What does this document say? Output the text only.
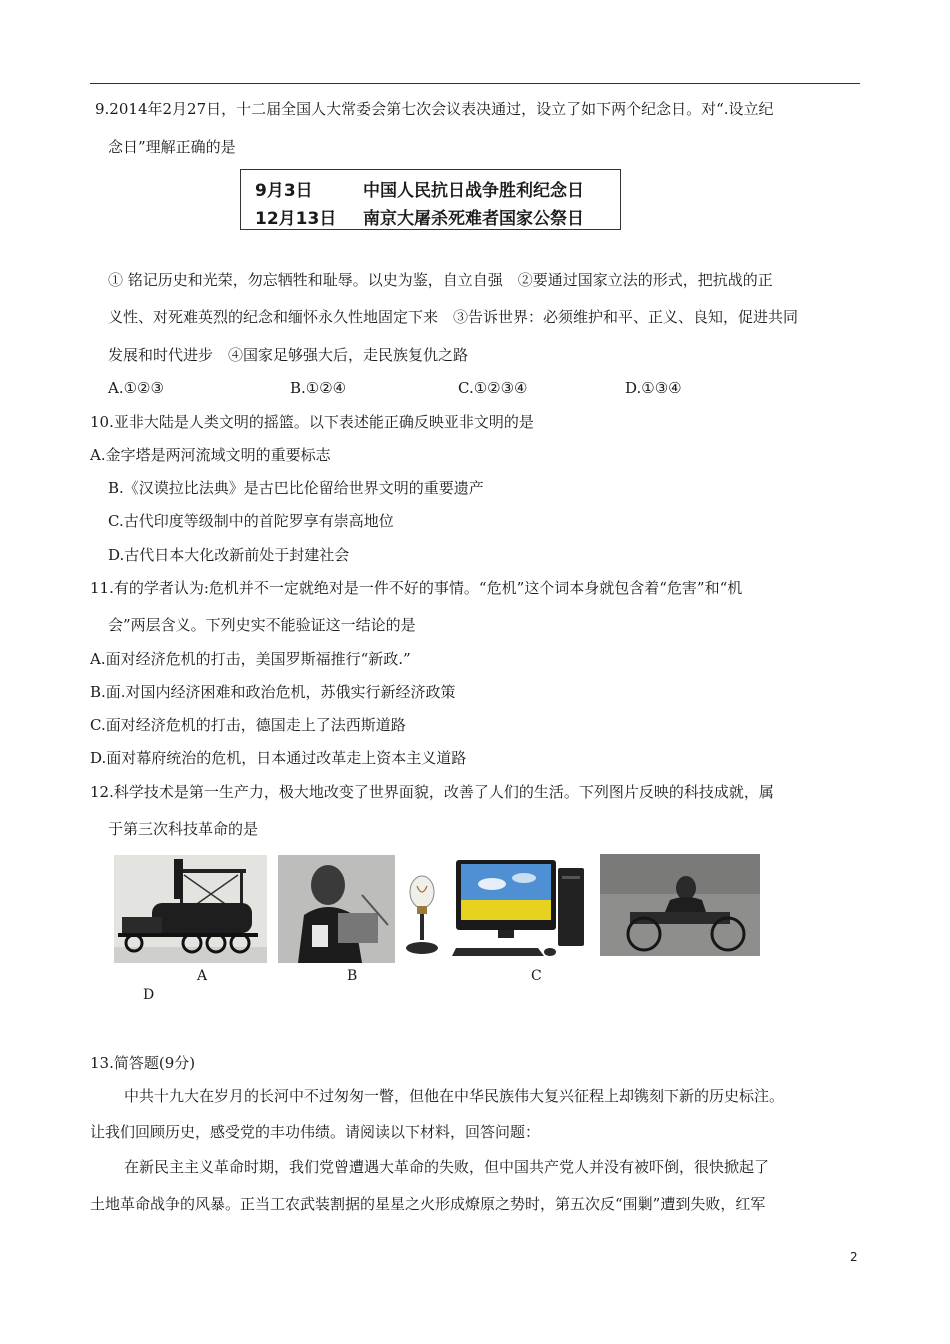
9.2014年2月27日，十二届全国人大常委会第七次会议表决通过，设立了如下两个纪念日。对“.设立纪
念日”理解正确的是
9月3日	中国人民抗日战争胜利纪念日
12月13日 南京大屠杀死难者国家公祭日
① 铭记历史和光荣，勿忘牺牲和耻辱。以史为鉴，自立自强　②要通过国家立法的形式，把抗战的正
义性、对死难英烈的纪念和缅怀永久性地固定下来　③告诉世界：必须维护和平、正义、良知，促进共同
发展和时代进步　④国家足够强大后，走民族复仇之路
A.①②③	B.①②④	C.①②③④	D.①③④
10.亚非大陆是人类文明的摇篮。以下表述能正确反映亚非文明的是
A.金字塔是两河流域文明的重要标志
B.《汉谟拉比法典》是古巴比伦留给世界文明的重要遗产
C.古代印度等级制中的首陀罗享有崇高地位
D.古代日本大化改新前处于封建社会
11.有的学者认为:危机并不一定就绝对是一件不好的事情。“危机”这个词本身就包含着“危害”和“机
会”两层含义。下列史实不能验证这一结论的是
A.面对经济危机的打击，美国罗斯福推行“新政.”
B.面.对国内经济困难和政治危机，苏俄实行新经济政策
C.面对经济危机的打击，德国走上了法西斯道路
D.面对幕府统治的危机，日本通过改革走上资本主义道路
12.科学技术是第一生产力，极大地改变了世界面貌，改善了人们的生活。下列图片反映的科技成就，属
于第三次科技革命的是
A	B	C
D
13.简答题(9分)
中共十九大在岁月的长河中不过匆匆一瞥，但他在中华民族伟大复兴征程上却镌刻下新的历史标注。
让我们回顾历史，感受党的丰功伟绩。请阅读以下材料，回答问题：
在新民主主义革命时期，我们党曾遭遇大革命的失败，但中国共产党人并没有被吓倒，很快掀起了
土地革命战争的风暴。正当工农武装割据的星星之火形成燎原之势时，第五次反“围剿”遭到失败，红军
2
